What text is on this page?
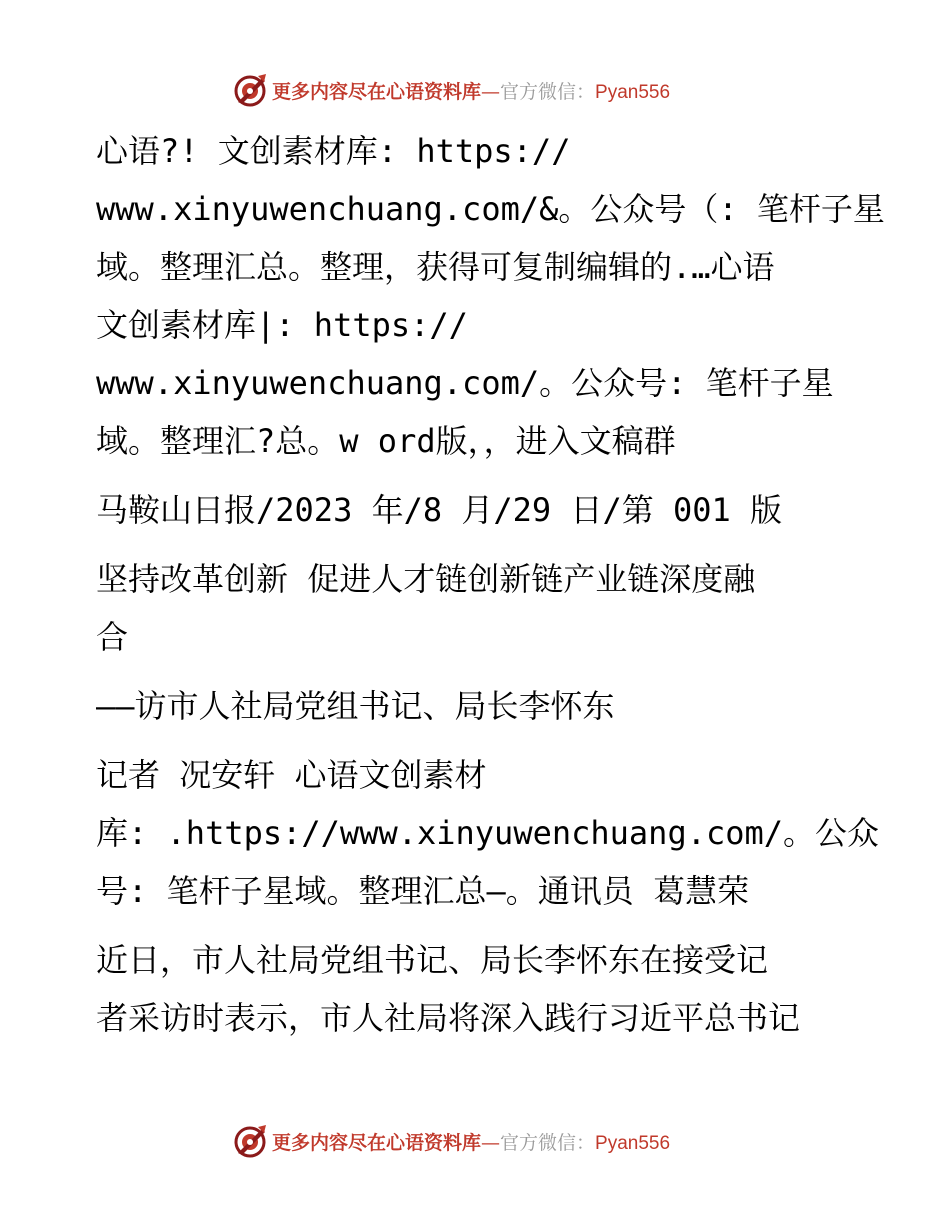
更多内容尽在心语资料库—官方微信：Pyan556
心语?! 文创素材库: https://
www.xinyuwenchuang.com/&。公众号（: 笔杆子星
域。整理汇总。整理，获得可复制编辑的.…心语
文创素材库|: https://
www.xinyuwenchuang.com/。公众号: 笔杆子星
域。整理汇?总。w ord版，，进入文稿群
马鞍山日报/2023 年/8 月/29 日/第 001 版
坚持改革创新 促进人才链创新链产业链深度融
合
——访市人社局党组书记、局长李怀东
记者 况安轩 心语文创素材
库: .https://www.xinyuwenchuang.com/。公众
号: 笔杆子星域。整理汇总—。通讯员 葛慧荣
近日，市人社局党组书记、局长李怀东在接受记
者采访时表示，市人社局将深入践行习近平总书记
更多内容尽在心语资料库—官方微信：Pyan556
